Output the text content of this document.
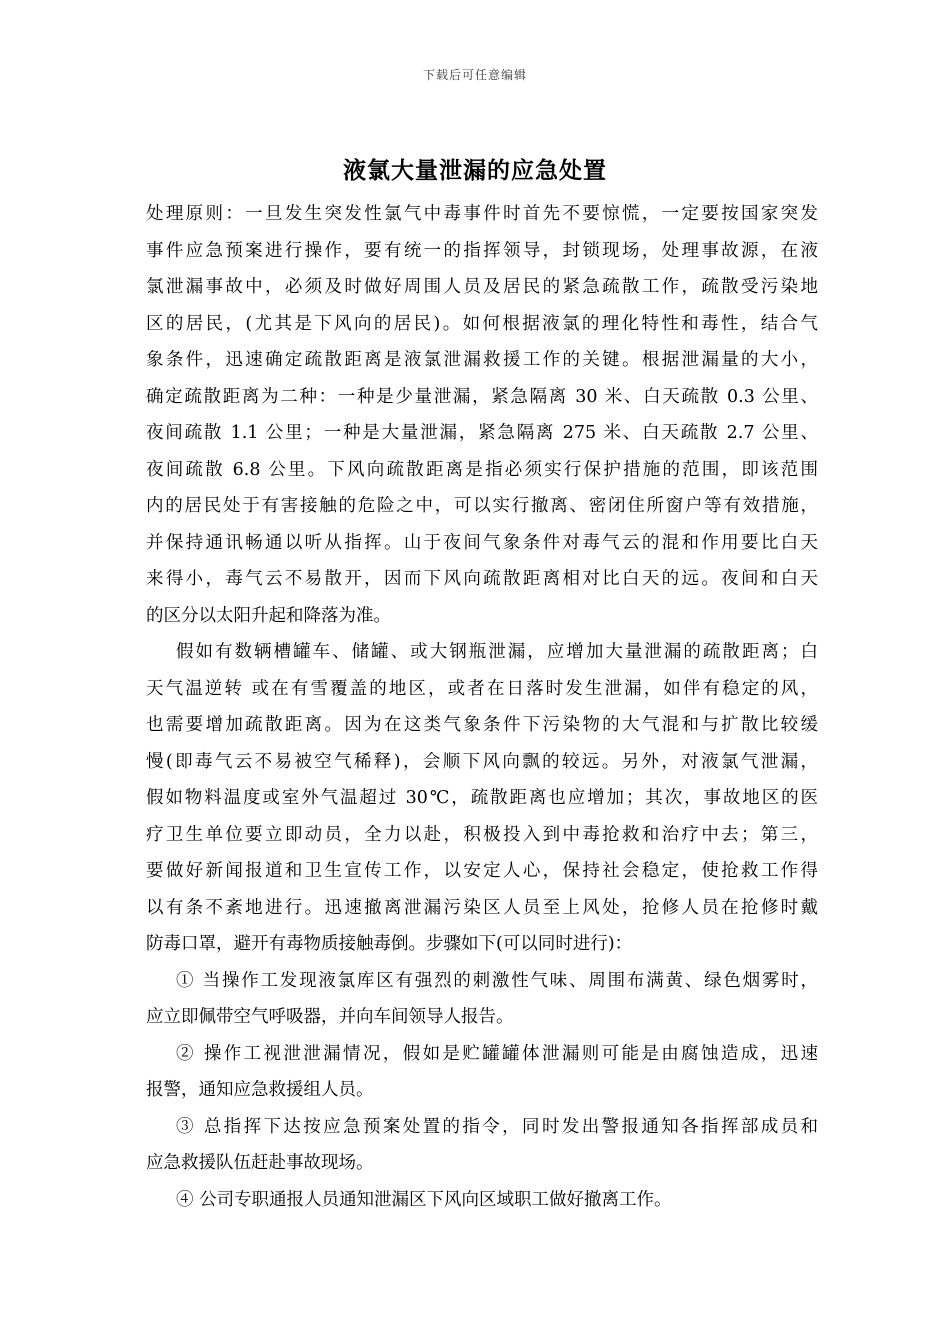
下载后可任意编辑
液氯大量泄漏的应急处置
处理原则：一旦发生突发性氯气中毒事件时首先不要惊慌，一定要按国家突发
事件应急预案进行操作，要有统一的指挥领导，封锁现场，处理事故源，在液
氯泄漏事故中，必须及时做好周围人员及居民的紧急疏散工作，疏散受污染地
区的居民，(尤其是下风向的居民)。如何根据液氯的理化特性和毒性，结合气
象条件，迅速确定疏散距离是液氯泄漏救援工作的关键。根据泄漏量的大小，
确定疏散距离为二种：一种是少量泄漏，紧急隔离 30 米、白天疏散 0.3 公里、
夜间疏散 1.1 公里；一种是大量泄漏，紧急隔离 275 米、白天疏散 2.7 公里、
夜间疏散 6.8 公里。下风向疏散距离是指必须实行保护措施的范围，即该范围
内的居民处于有害接触的危险之中，可以实行撤离、密闭住所窗户等有效措施，
并保持通讯畅通以听从指挥。山于夜间气象条件对毒气云的混和作用要比白天
来得小，毒气云不易散开，因而下风向疏散距离相对比白天的远。夜间和白天
的区分以太阳升起和降落为准。
假如有数辆槽罐车、储罐、或大钢瓶泄漏，应增加大量泄漏的疏散距离；白
天气温逆转 或在有雪覆盖的地区，或者在日落时发生泄漏，如伴有稳定的风，
也需要增加疏散距离。因为在这类气象条件下污染物的大气混和与扩散比较缓
慢(即毒气云不易被空气稀释)，会顺下风向飘的较远。另外，对液氯气泄漏，
假如物料温度或室外气温超过 30℃，疏散距离也应增加；其次，事故地区的医
疗卫生单位要立即动员，全力以赴，积极投入到中毒抢救和治疗中去；第三，
要做好新闻报道和卫生宣传工作，以安定人心，保持社会稳定，使抢救工作得
以有条不紊地进行。迅速撤离泄漏污染区人员至上风处，抢修人员在抢修时戴
防毒口罩，避开有毒物质接触毒倒。步骤如下(可以同时进行)：
① 当操作工发现液氯库区有强烈的刺激性气味、周围布满黄、绿色烟雾时，
应立即佩带空气呼吸器，并向车间领导人报告。
② 操作工视泄泄漏情况，假如是贮罐罐体泄漏则可能是由腐蚀造成，迅速
报警，通知应急救援组人员。
③ 总指挥下达按应急预案处置的指令，同时发出警报通知各指挥部成员和
应急救援队伍赶赴事故现场。
④ 公司专职通报人员通知泄漏区下风向区域职工做好撤离工作。
